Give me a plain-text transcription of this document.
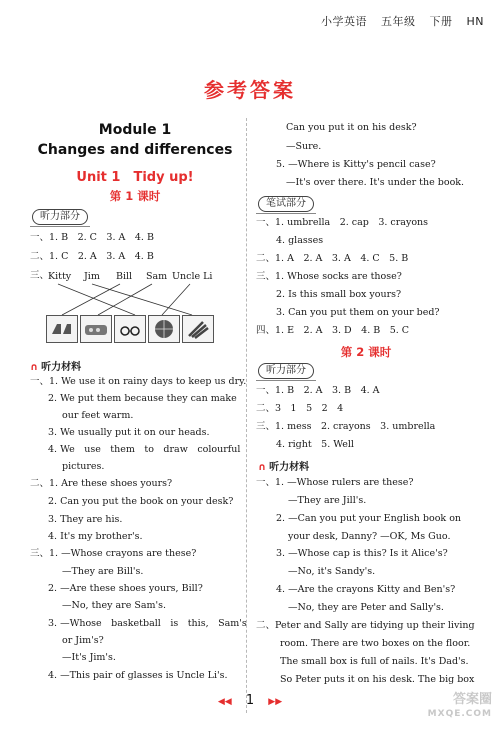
小学英语 五年级 下册 HN
参考答案
Module 1
Changes and differences
Unit 1　Tidy up!
第 1 课时
听力部分
一、1. B　2. C　3. A　4. B
二、1. C　2. A　3. A　4. B
三、
Kitty Jim Bill Sam Uncle Li
∩ 听力材料
一、1. We use it on rainy days to keep us dry.
2. We put them because they can make
our feet warm.
3. We usually put it on our heads.
4. We　use　them　to　draw　colourful
pictures.
二、1. Are these shoes yours?
2. Can you put the book on your desk?
3. They are his.
4. It's my brother's.
三、1. —Whose crayons are these?
—They are Bill's.
2. —Are these shoes yours, Bill?
—No, they are Sam's.
3. —Whose　basketball　is　this,　Sam's
or Jim's?
—It's Jim's.
4. —This pair of glasses is Uncle Li's.
Can you put it on his desk?
—Sure.
5. —Where is Kitty's pencil case?
—It's over there. It's under the book.
笔试部分
一、1. umbrella　2. cap　3. crayons
4. glasses
二、1. A　2. A　3. A　4. C　5. B
三、1. Whose socks are those?
2. Is this small box yours?
3. Can you put them on your bed?
四、1. E　2. A　3. D　4. B　5. C
第 2 课时
听力部分
一、1. B　2. A　3. B　4. A
二、3　1　5　2　4
三、1. mess　2. crayons　3. umbrella
4. right　5. Well
∩ 听力材料
一、1. —Whose rulers are these?
—They are Jill's.
2. —Can you put your English book on
your desk, Danny? —OK, Ms Guo.
3. —Whose cap is this? Is it Alice's?
—No, it's Sandy's.
4. —Are the crayons Kitty and Ben's?
—No, they are Peter and Sally's.
二、Peter and Sally are tidying up their living
room. There are two boxes on the floor.
The small box is full of nails. It's Dad's.
So Peter puts it on his desk. The big box
◀◀ 1 ▶▶	答案圈
MXQE.COM
